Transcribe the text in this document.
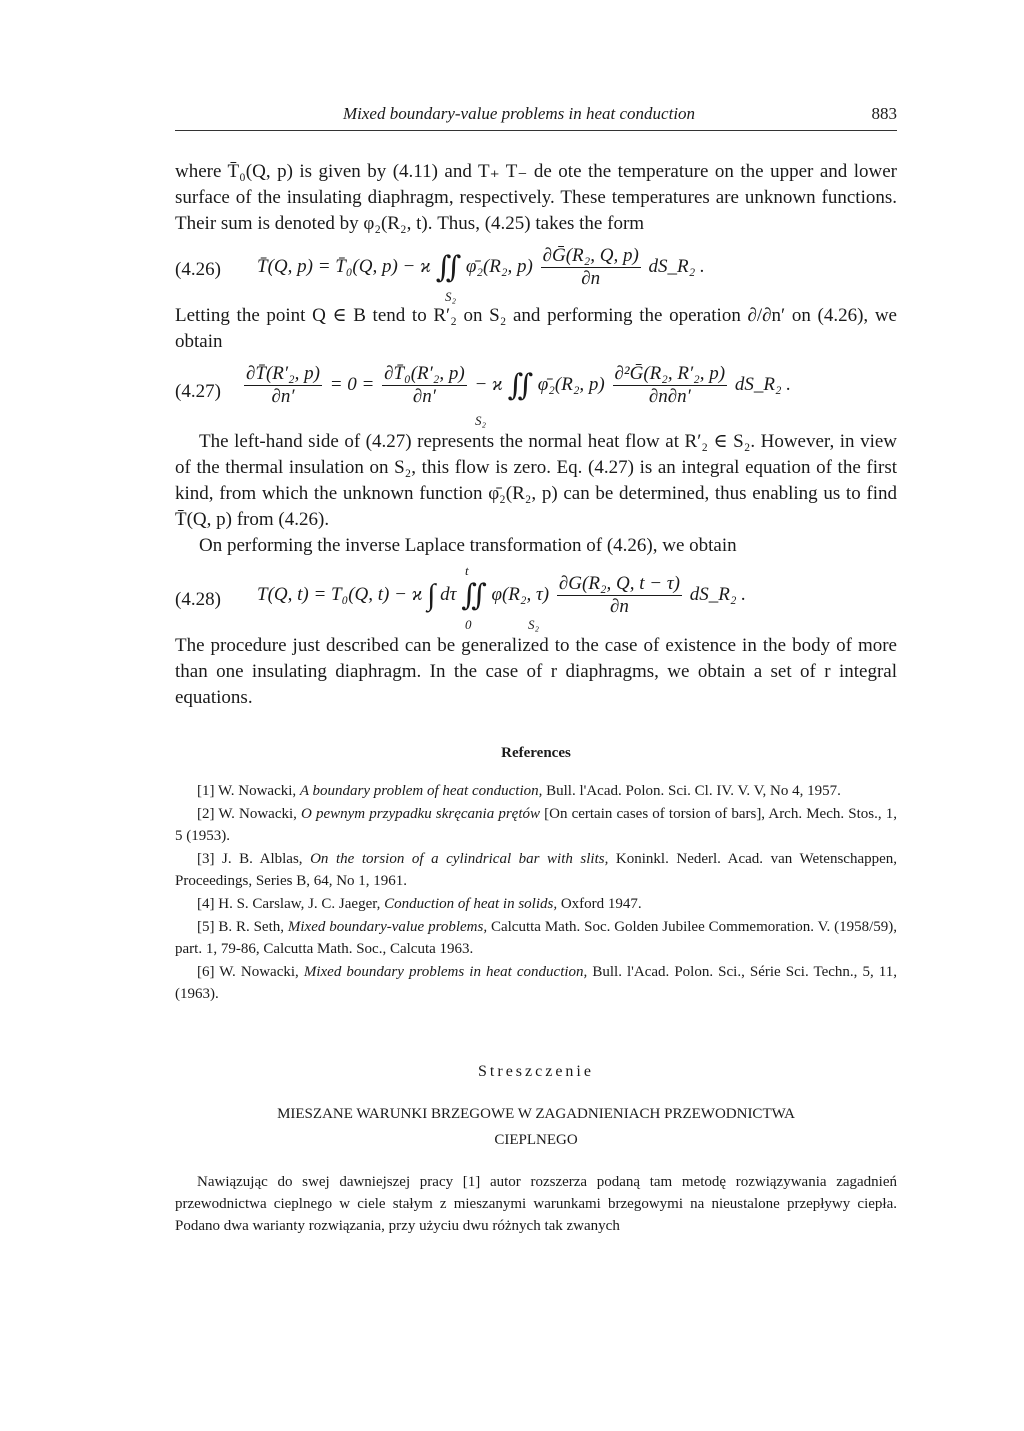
Mixed boundary-value problems in heat conduction	883

where T̄₀(Q, p) is given by (4.11) and T₊ T₋ de ote the temperature on the upper and lower surface of the insulating diaphragm, respectively. These temperatures are unknown functions. Their sum is denoted by φ₂(R₂, t). Thus, (4.25) takes the form

(4.26) T̄(Q, p) = T̄₀(Q, p) − ϰ ∬ φ̄₂(R₂, $p) \frac{\text{∂Ḡ(R₂, Q, p)}}{\partial n}$ dS_R₂ .
S₂

Letting the point Q ∈ B tend to R′₂ on S₂ and performing the operation ∂/∂n′ on (4.26), we obtain

$(4.27) \frac{\text{∂T̄(R′₂, p)}}{\partial n'} = 0 = \frac{\text{∂T̄₀(R′₂, p)}}{\partial n'} - ϰ$ ∬ φ̄₂(R₂, $p) \frac{\text{∂²Ḡ(R₂, R′₂, p)}}{\partial n\partial n'}$ dS_R₂ .
S₂

The left-hand side of (4.27) represents the normal heat flow at R′₂ ∈ S₂. However, in view of the thermal insulation on S₂, this flow is zero. Eq. (4.27) is an integral equation of the first kind, from which the unknown function φ̄₂(R₂, p) can be determined, thus enabling us to find T̄(Q, p) from (4.26).

On performing the inverse Laplace transformation of (4.26), we obtain

(4.28)
t
T(Q, t) = T₀(Q, t) − ϰ ∫ dτ ∬ φ(R₂, $\tau) \frac{\text{∂G(R₂, Q, t − τ)}}{\partial n}$ dS_R₂ .
0	S₂

The procedure just described can be generalized to the case of existence in the body of more than one insulating diaphragm. In the case of r diaphragms, we obtain a set of r integral equations.

References

[1] W. Nowacki, A boundary problem of heat conduction, Bull. l'Acad. Polon. Sci. Cl. IV. V. V, No 4, 1957.

[2] W. Nowacki, O pewnym przypadku skręcania prętów [On certain cases of torsion of bars], Arch. Mech. Stos., 1, 5 (1953).

[3] J. B. Alblas, On the torsion of a cylindrical bar with slits, Koninkl. Nederl. Acad. van Wetenschappen, Proceedings, Series B, 64, No 1, 1961.

[4] H. S. Carslaw, J. C. Jaeger, Conduction of heat in solids, Oxford 1947.

[5] B. R. Seth, Mixed boundary-value problems, Calcutta Math. Soc. Golden Jubilee Commemoration. V. (1958/59), part. 1, 79-86, Calcutta Math. Soc., Calcuta 1963.

[6] W. Nowacki, Mixed boundary problems in heat conduction, Bull. l'Acad. Polon. Sci., Série Sci. Techn., 5, 11, (1963).

Streszczenie
MIESZANE WARUNKI BRZEGOWE W ZAGADNIENIACH PRZEWODNICTWA
CIEPLNEGO

Nawiązując do swej dawniejszej pracy [1] autor rozszerza podaną tam metodę rozwiązywania zagadnień przewodnictwa cieplnego w ciele stałym z mieszanymi warunkami brzegowymi na nieustalone przepływy ciepła. Podano dwa warianty rozwiązania, przy użyciu dwu różnych tak zwanych
